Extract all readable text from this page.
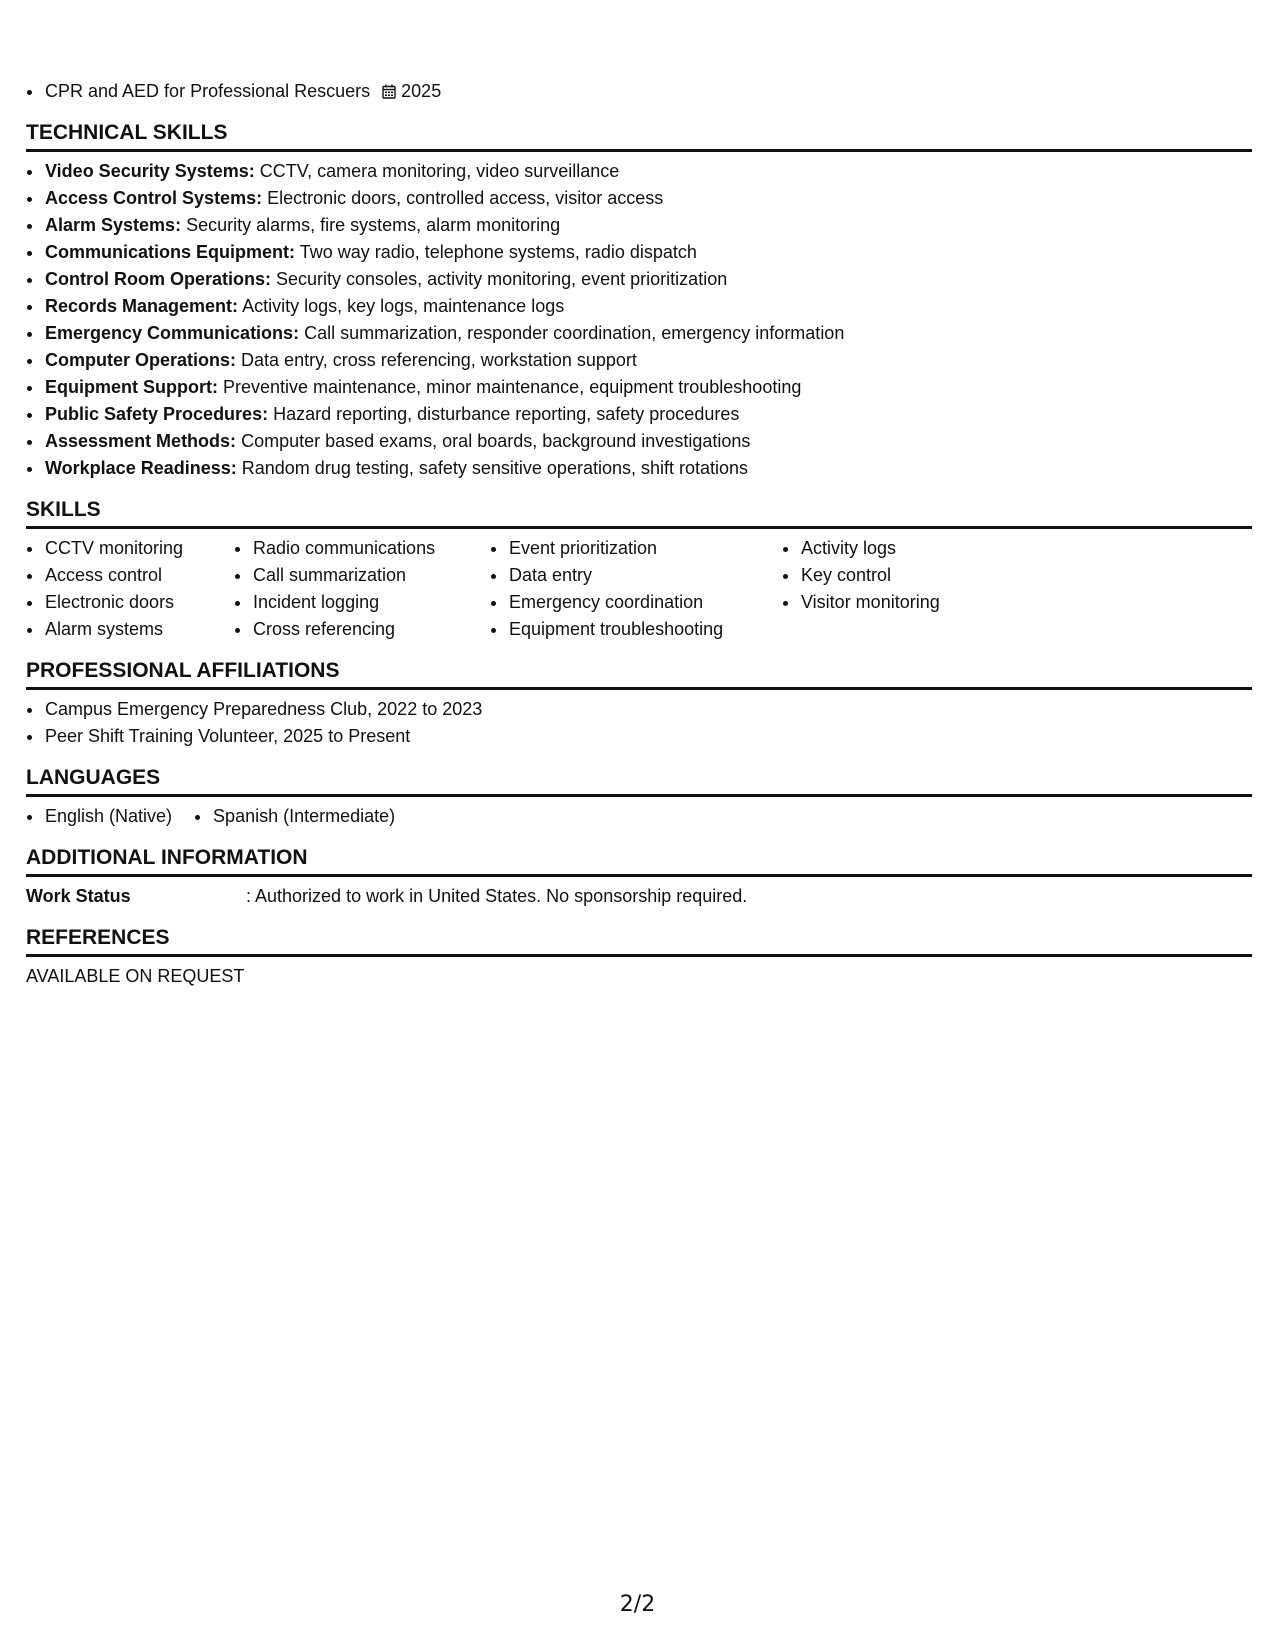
• CPR and AED for Professional Rescuers 2025
TECHNICAL SKILLS
• Video Security Systems: CCTV, camera monitoring, video surveillance
• Access Control Systems: Electronic doors, controlled access, visitor access
• Alarm Systems: Security alarms, fire systems, alarm monitoring
• Communications Equipment: Two way radio, telephone systems, radio dispatch
• Control Room Operations: Security consoles, activity monitoring, event prioritization
• Records Management: Activity logs, key logs, maintenance logs
• Emergency Communications: Call summarization, responder coordination, emergency information
• Computer Operations: Data entry, cross referencing, workstation support
• Equipment Support: Preventive maintenance, minor maintenance, equipment troubleshooting
• Public Safety Procedures: Hazard reporting, disturbance reporting, safety procedures
• Assessment Methods: Computer based exams, oral boards, background investigations
• Workplace Readiness: Random drug testing, safety sensitive operations, shift rotations
SKILLS
• CCTV monitoring
• Access control
• Electronic doors
• Alarm systems
• Radio communications
• Call summarization
• Incident logging
• Cross referencing
• Event prioritization
• Data entry
• Emergency coordination
• Equipment troubleshooting
• Activity logs
• Key control
• Visitor monitoring
PROFESSIONAL AFFILIATIONS
• Campus Emergency Preparedness Club, 2022 to 2023
• Peer Shift Training Volunteer, 2025 to Present
LANGUAGES
• English (Native)
• Spanish (Intermediate)
ADDITIONAL INFORMATION
Work Status	: Authorized to work in United States. No sponsorship required.
REFERENCES
AVAILABLE ON REQUEST
2/2
